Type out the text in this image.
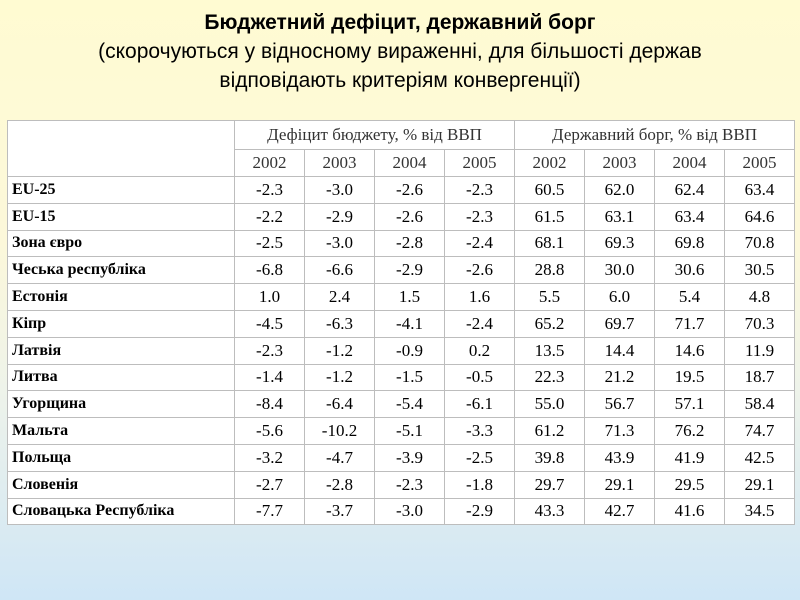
Бюджетний дефіцит, державний борг
(скорочуються у відносному вираженні, для більшості держав
відповідають критеріям конвергенції)
	Дефіцит бюджету, % від ВВП				Державний борг, % від ВВП			
	2002	2003	2004	2005	2002	2003	2004	2005
EU-25	-2.3	-3.0	-2.6	-2.3	60.5	62.0	62.4	63.4
EU-15	-2.2	-2.9	-2.6	-2.3	61.5	63.1	63.4	64.6
Зона євро	-2.5	-3.0	-2.8	-2.4	68.1	69.3	69.8	70.8
Чеська республіка	-6.8	-6.6	-2.9	-2.6	28.8	30.0	30.6	30.5
Естонія	1.0	2.4	1.5	1.6	5.5	6.0	5.4	4.8
Кіпр	-4.5	-6.3	-4.1	-2.4	65.2	69.7	71.7	70.3
Латвія	-2.3	-1.2	-0.9	0.2	13.5	14.4	14.6	11.9
Литва	-1.4	-1.2	-1.5	-0.5	22.3	21.2	19.5	18.7
Угорщина	-8.4	-6.4	-5.4	-6.1	55.0	56.7	57.1	58.4
Мальта	-5.6	-10.2	-5.1	-3.3	61.2	71.3	76.2	74.7
Польща	-3.2	-4.7	-3.9	-2.5	39.8	43.9	41.9	42.5
Словенія	-2.7	-2.8	-2.3	-1.8	29.7	29.1	29.5	29.1
Словацька Республіка	-7.7	-3.7	-3.0	-2.9	43.3	42.7	41.6	34.5
